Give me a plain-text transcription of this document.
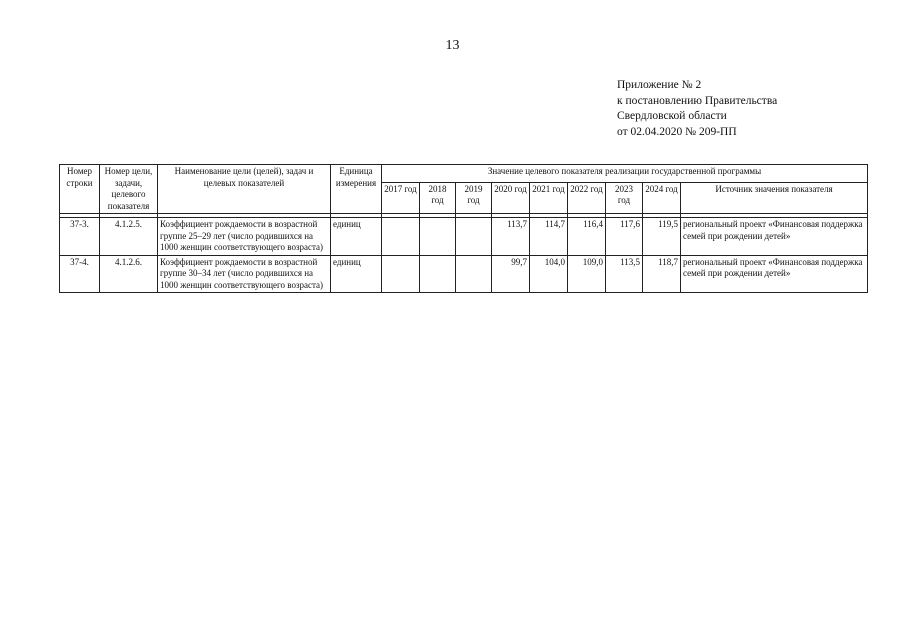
13
Приложение № 2
к постановлению Правительства
Свердловской области
от 02.04.2020 № 209-ПП
Номер строки	Номер цели, задачи, целевого показателя	Наименование цели (целей), задач и целевых показателей	Единица измерения	Значение целевого показателя реализации государственной программы								
				2017 год	2018 год	2019 год	2020 год	2021 год	2022 год	2023 год	2024 год	Источник значения показателя

37-3.	4.1.2.5.	Коэффициент рождаемости в возрастной группе 25–29 лет (число родившихся на 1000 женщин соответствующего возраста)	единиц				113,7	114,7	116,4	117,6	119,5	региональный проект «Финансовая поддержка семей при рождении детей»
37-4.	4.1.2.6.	Коэффициент рождаемости в возрастной группе 30–34 лет (число родившихся на 1000 женщин соответствующего возраста)	единиц				99,7	104,0	109,0	113,5	118,7	региональный проект «Финансовая поддержка семей при рождении детей»
